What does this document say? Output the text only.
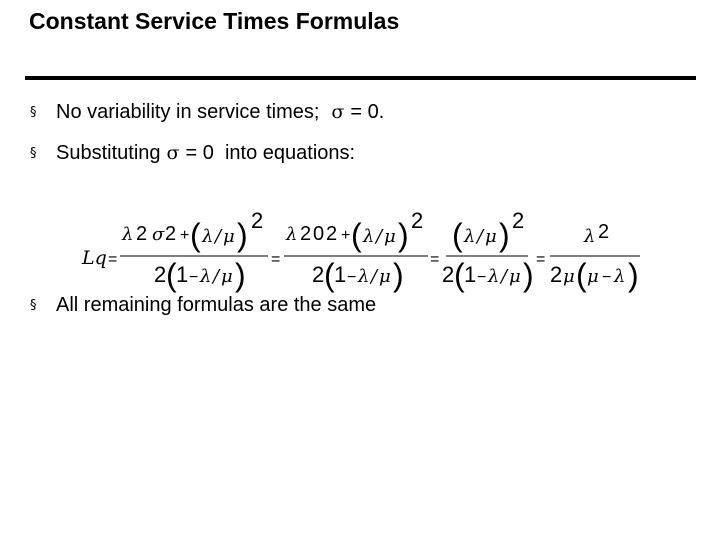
Constant Service Times Formulas
§ No variability in service times; σ = 0.
§ Substituting σ = 0  into equations:
Lq =
λ 2 σ 2 + ( λ / μ ) 2
2 ( 1 − λ / μ ) =
λ 2 0 2 + ( λ / μ ) 2
2 ( 1 − λ / μ ) =
( λ / μ ) 2
2 ( 1 − λ / μ ) =
λ 2
2 μ ( μ − λ )
§ All remaining formulas are the same
